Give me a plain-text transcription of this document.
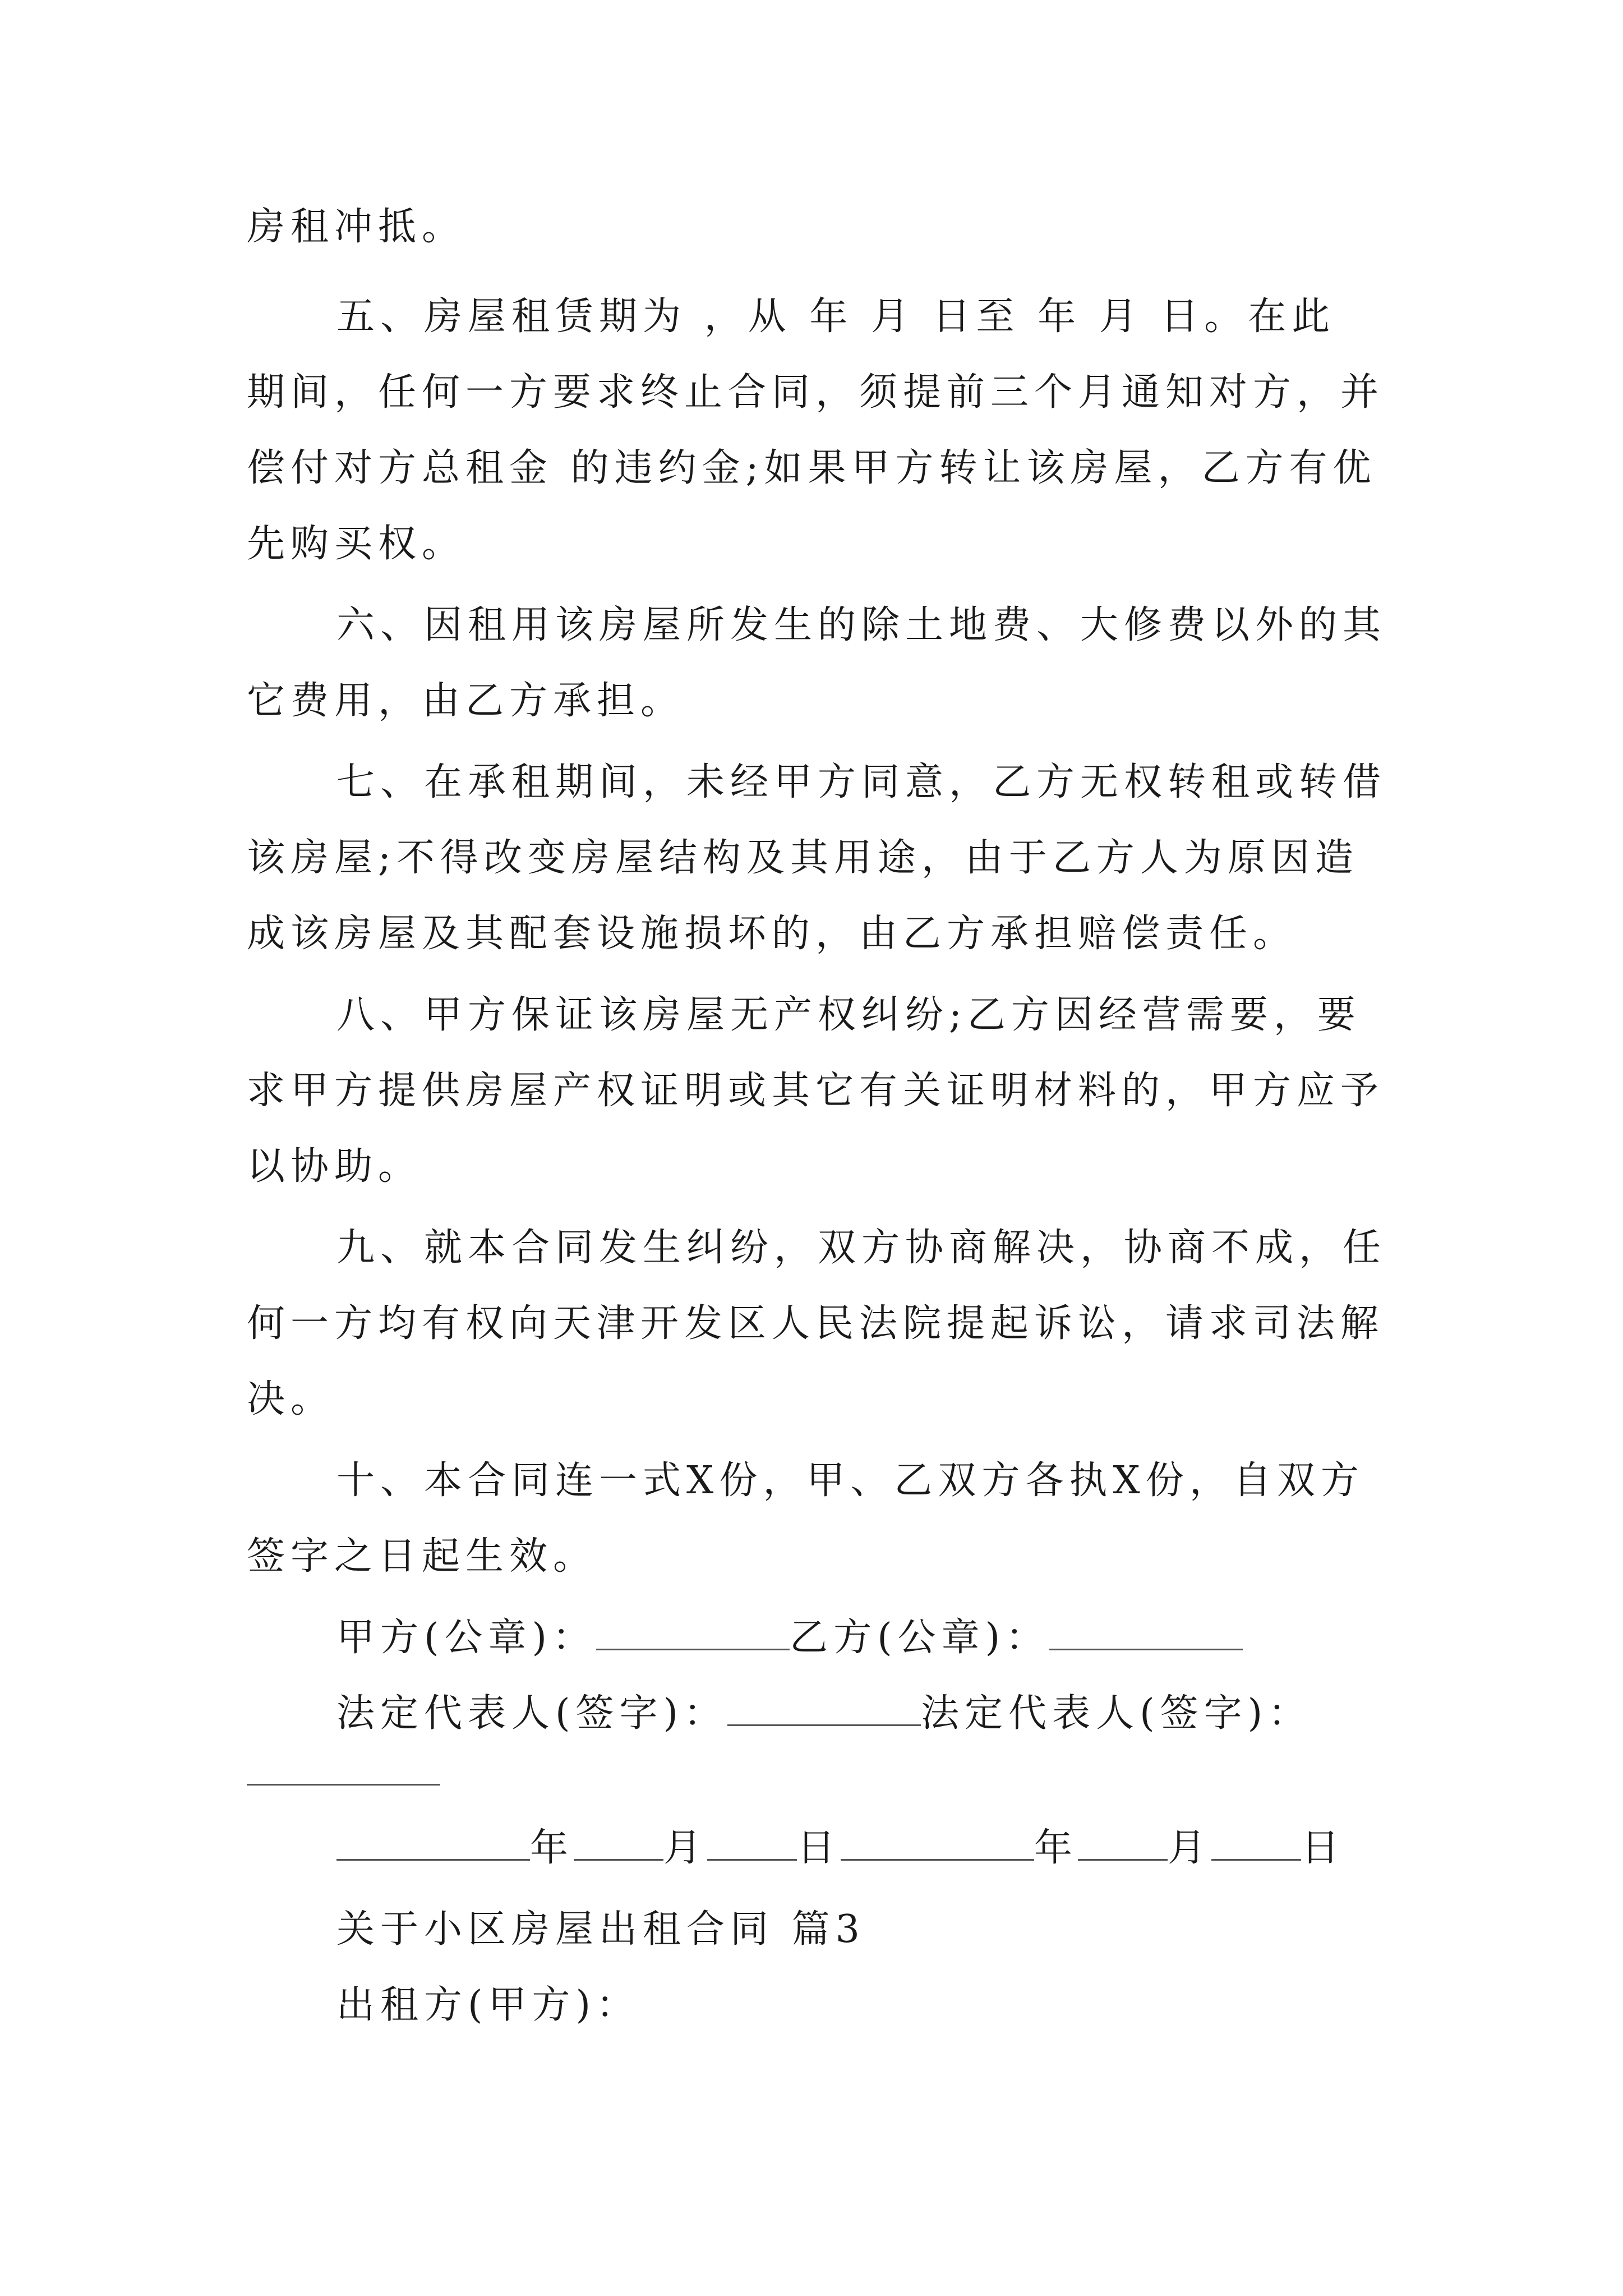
房租冲抵。
五、房屋租赁期为 ，从 年 月 日至 年 月 日。在此
期间，任何一方要求终止合同，须提前三个月通知对方，并
偿付对方总租金 的违约金;如果甲方转让该房屋，乙方有优
先购买权。
六、因租用该房屋所发生的除土地费、大修费以外的其
它费用，由乙方承担。
七、在承租期间，未经甲方同意，乙方无权转租或转借
该房屋;不得改变房屋结构及其用途，由于乙方人为原因造
成该房屋及其配套设施损坏的，由乙方承担赔偿责任。
八、甲方保证该房屋无产权纠纷;乙方因经营需要，要
求甲方提供房屋产权证明或其它有关证明材料的，甲方应予
以协助。
九、就本合同发生纠纷，双方协商解决，协商不成，任
何一方均有权向天津开发区人民法院提起诉讼，请求司法解
决。
十、本合同连一式X份，甲、乙双方各执X份，自双方
签字之日起生效。
甲方(公章)：	乙方(公章)：
法定代表人(签字)：	法定代表人(签字)：
年 月 日	年 月 日
关于小区房屋出租合同 篇3
出租方(甲方)：
